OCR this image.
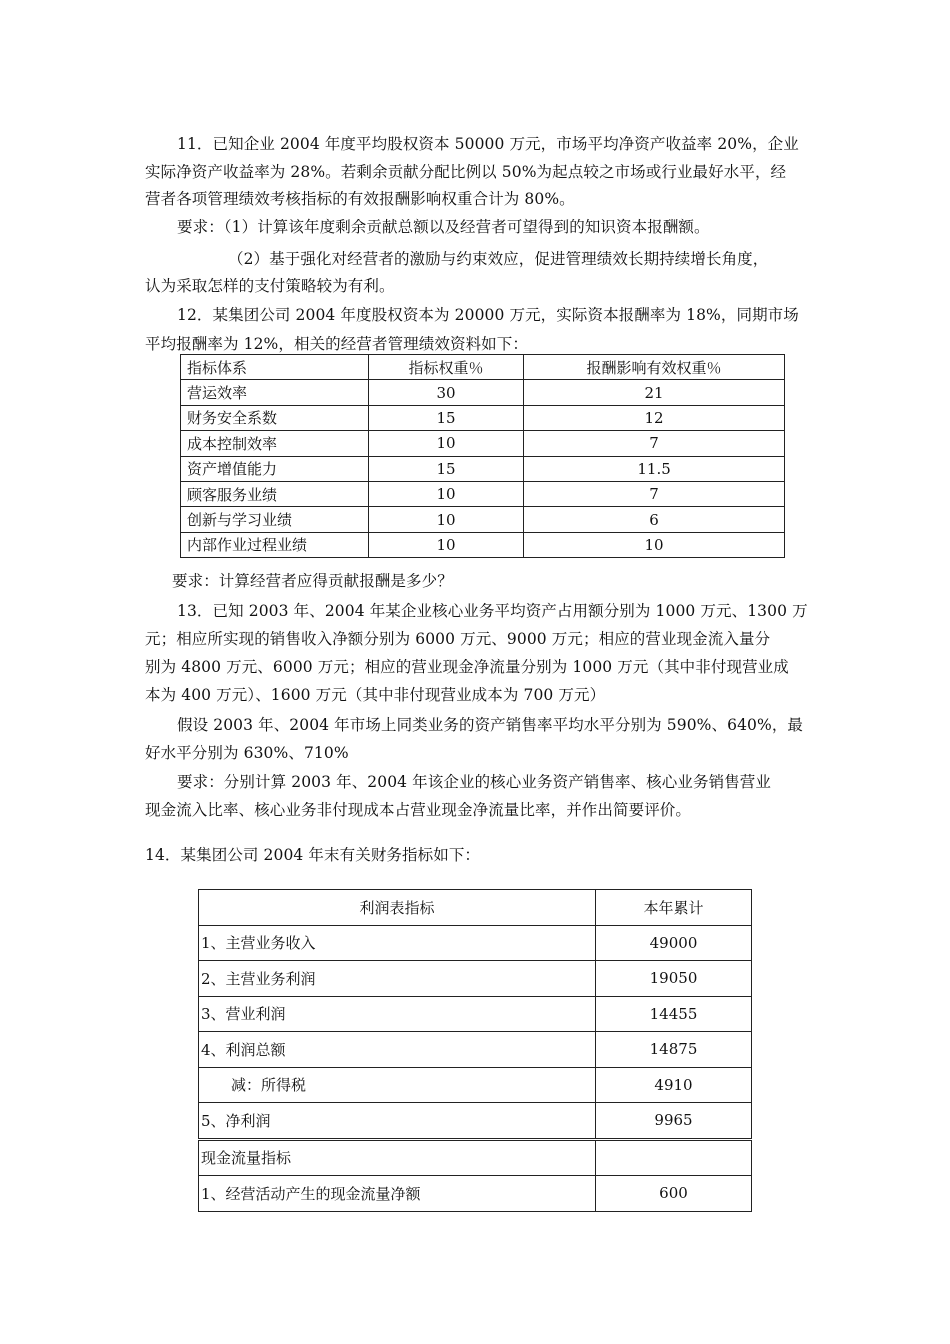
11．已知企业 2004 年度平均股权资本 50000 万元，市场平均净资产收益率 20%，企业
实际净资产收益率为 28%。若剩余贡献分配比例以 50%为起点较之市场或行业最好水平，经
营者各项管理绩效考核指标的有效报酬影响权重合计为 80%。
要求：（1）计算该年度剩余贡献总额以及经营者可望得到的知识资本报酬额。
（2）基于强化对经营者的激励与约束效应，促进管理绩效长期持续增长角度，
认为采取怎样的支付策略较为有利。
12．某集团公司 2004 年度股权资本为 20000 万元，实际资本报酬率为 18%，同期市场
平均报酬率为 12%，相关的经营者管理绩效资料如下：
指标体系	指标权重％	报酬影响有效权重％
营运效率	30	21
财务安全系数	15	12
成本控制效率	10	7
资产增值能力	15	11.5
顾客服务业绩	10	7
创新与学习业绩	10	6
内部作业过程业绩	10	10
要求：计算经营者应得贡献报酬是多少？
13．已知 2003 年、2004 年某企业核心业务平均资产占用额分别为 1000 万元、1300 万
元；相应所实现的销售收入净额分别为 6000 万元、9000 万元；相应的营业现金流入量分
别为 4800 万元、6000 万元；相应的营业现金净流量分别为 1000 万元（其中非付现营业成
本为 400 万元）、1600 万元（其中非付现营业成本为 700 万元）
假设 2003 年、2004 年市场上同类业务的资产销售率平均水平分别为 590%、640%，最
好水平分别为 630%、710%
要求：分别计算 2003 年、2004 年该企业的核心业务资产销售率、核心业务销售营业
现金流入比率、核心业务非付现成本占营业现金净流量比率，并作出简要评价。
14．某集团公司 2004 年末有关财务指标如下：
利润表指标	本年累计
1、主营业务收入	49000
2、主营业务利润	19050
3、营业利润	14455
4、利润总额	14875
减：所得税	4910
5、净利润	9965
现金流量指标	
1、经营活动产生的现金流量净额	600
